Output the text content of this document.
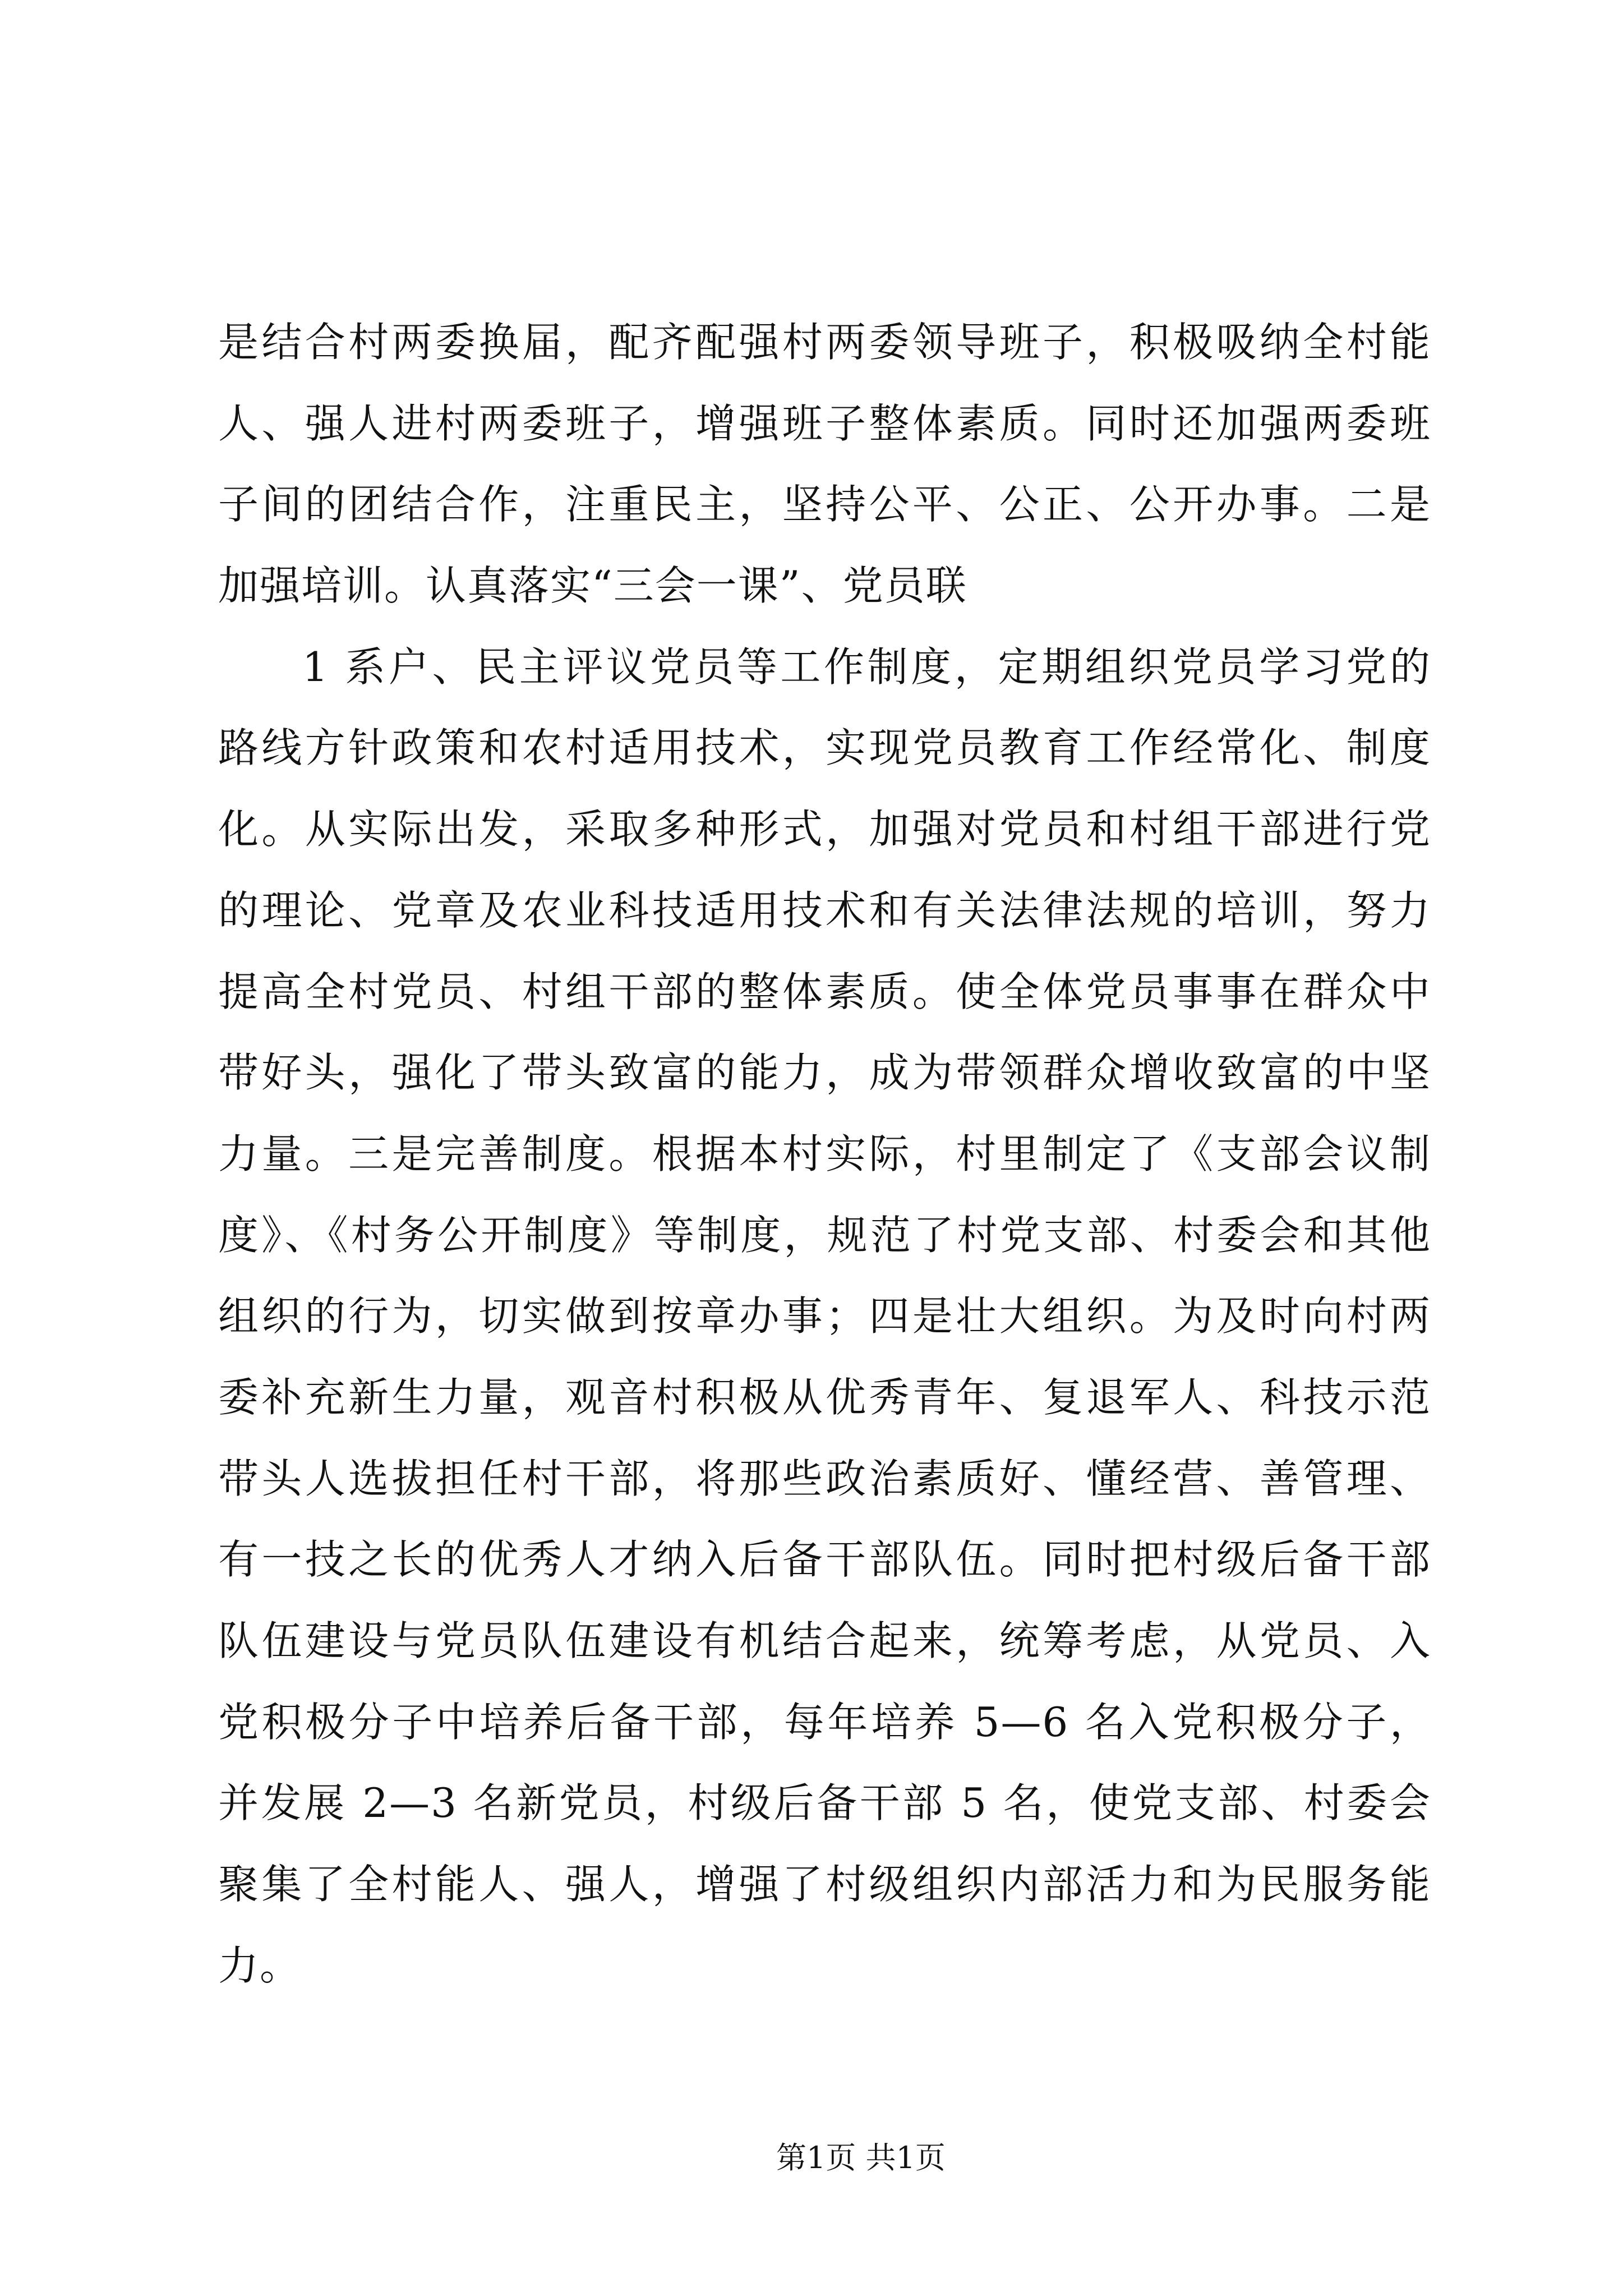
是结合村两委换届，配齐配强村两委领导班子，积极吸纳全村能
人、强人进村两委班子，增强班子整体素质。同时还加强两委班
子间的团结合作，注重民主，坚持公平、公正、公开办事。二是
加强培训。认真落实“三会一课”、党员联
1 系户、民主评议党员等工作制度，定期组织党员学习党的
路线方针政策和农村适用技术，实现党员教育工作经常化、制度
化。从实际出发，采取多种形式，加强对党员和村组干部进行党
的理论、党章及农业科技适用技术和有关法律法规的培训，努力
提高全村党员、村组干部的整体素质。使全体党员事事在群众中
带好头，强化了带头致富的能力，成为带领群众增收致富的中坚
力量。三是完善制度。根据本村实际，村里制定了《支部会议制
度》、《村务公开制度》等制度，规范了村党支部、村委会和其他
组织的行为，切实做到按章办事；四是壮大组织。为及时向村两
委补充新生力量，观音村积极从优秀青年、复退军人、科技示范
带头人选拔担任村干部，将那些政治素质好、懂经营、善管理、
有一技之长的优秀人才纳入后备干部队伍。同时把村级后备干部
队伍建设与党员队伍建设有机结合起来，统筹考虑，从党员、入
党积极分子中培养后备干部，每年培养 5—6 名入党积极分子，
并发展 2—3 名新党员，村级后备干部 5 名，使党支部、村委会
聚集了全村能人、强人，增强了村级组织内部活力和为民服务能
力。
第1页 共1页
